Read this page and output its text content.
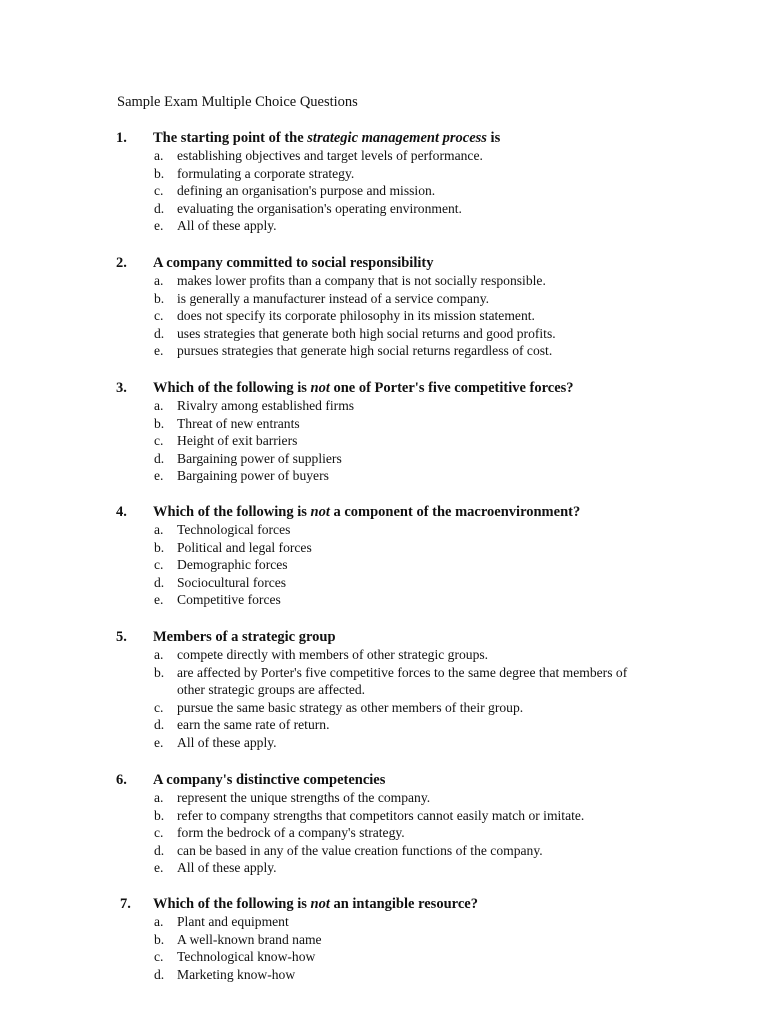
Sample Exam Multiple Choice Questions
1. The starting point of the strategic management process is
a. establishing objectives and target levels of performance.
b. formulating a corporate strategy.
c. defining an organisation's purpose and mission.
d. evaluating the organisation's operating environment.
e. All of these apply.
2. A company committed to social responsibility
a. makes lower profits than a company that is not socially responsible.
b. is generally a manufacturer instead of a service company.
c. does not specify its corporate philosophy in its mission statement.
d. uses strategies that generate both high social returns and good profits.
e. pursues strategies that generate high social returns regardless of cost.
3. Which of the following is not one of Porter's five competitive forces?
a. Rivalry among established firms
b. Threat of new entrants
c. Height of exit barriers
d. Bargaining power of suppliers
e. Bargaining power of buyers
4. Which of the following is not a component of the macroenvironment?
a. Technological forces
b. Political and legal forces
c. Demographic forces
d. Sociocultural forces
e. Competitive forces
5. Members of a strategic group
a. compete directly with members of other strategic groups.
b. are affected by Porter's five competitive forces to the same degree that members of other strategic groups are affected.
c. pursue the same basic strategy as other members of their group.
d. earn the same rate of return.
e. All of these apply.
6. A company's distinctive competencies
a. represent the unique strengths of the company.
b. refer to company strengths that competitors cannot easily match or imitate.
c. form the bedrock of a company's strategy.
d. can be based in any of the value creation functions of the company.
e. All of these apply.
7. Which of the following is not an intangible resource?
a. Plant and equipment
b. A well-known brand name
c. Technological know-how
d. Marketing know-how
